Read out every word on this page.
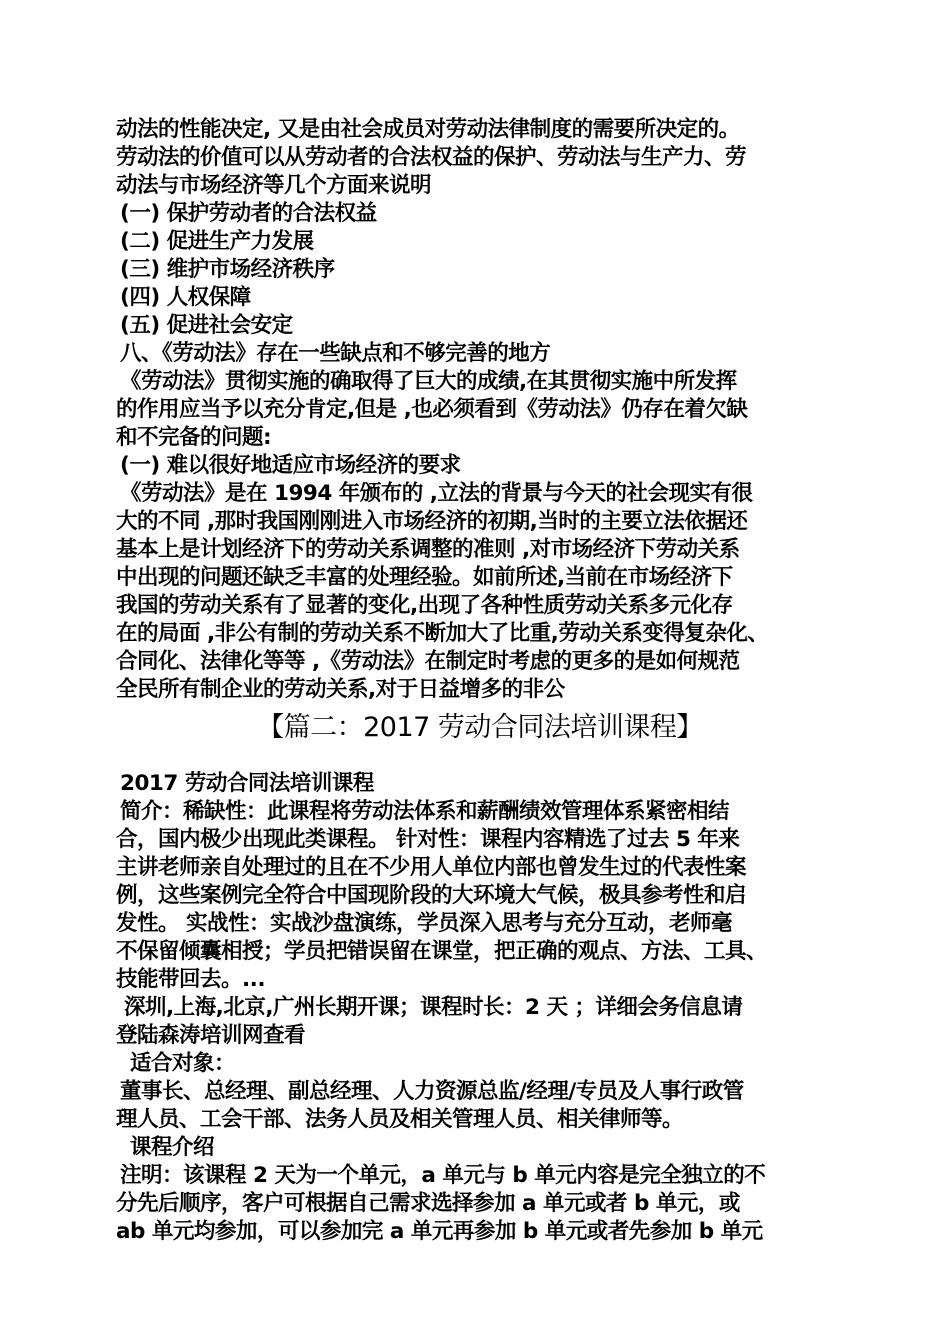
动法的性能决定, 又是由社会成员对劳动法律制度的需要所决定的。
劳动法的价值可以从劳动者的合法权益的保护、劳动法与生产力、劳
动法与市场经济等几个方面来说明
(一) 保护劳动者的合法权益
(二) 促进生产力发展
(三) 维护市场经济秩序
(四) 人权保障
(五) 促进社会安定
八、《劳动法》存在一些缺点和不够完善的地方
《劳动法》贯彻实施的确取得了巨大的成绩,在其贯彻实施中所发挥
的作用应当予以充分肯定,但是 ,也必须看到《劳动法》仍存在着欠缺
和不完备的问题:
(一) 难以很好地适应市场经济的要求
《劳动法》是在 1994 年颁布的 ,立法的背景与今天的社会现实有很
大的不同 ,那时我国刚刚进入市场经济的初期,当时的主要立法依据还
基本上是计划经济下的劳动关系调整的准则 ,对市场经济下劳动关系
中出现的问题还缺乏丰富的处理经验。如前所述,当前在市场经济下
我国的劳动关系有了显著的变化,出现了各种性质劳动关系多元化存
在的局面 ,非公有制的劳动关系不断加大了比重,劳动关系变得复杂化、
合同化、法律化等等 ,《劳动法》在制定时考虑的更多的是如何规范
全民所有制企业的劳动关系,对于日益增多的非公
【篇二：2017 劳动合同法培训课程】
2017 劳动合同法培训课程
简介：稀缺性：此课程将劳动法体系和薪酬绩效管理体系紧密相结
合，国内极少出现此类课程。 针对性：课程内容精选了过去 5 年来
主讲老师亲自处理过的且在不少用人单位内部也曾发生过的代表性案
例，这些案例完全符合中国现阶段的大环境大气候，极具参考性和启
发性。 实战性：实战沙盘演练，学员深入思考与充分互动，老师毫
不保留倾囊相授；学员把错误留在课堂，把正确的观点、方法、工具、
技能带回去。...
深圳,上海,北京,广州长期开课；课程时长：2 天 ；详细会务信息请
登陆森涛培训网查看
适合对象：
董事长、总经理、副总经理、人力资源总监/经理/专员及人事行政管
理人员、工会干部、法务人员及相关管理人员、相关律师等。
课程介绍
注明：该课程 2 天为一个单元，a 单元与 b 单元内容是完全独立的不
分先后顺序，客户可根据自己需求选择参加 a 单元或者 b 单元，或
ab 单元均参加，可以参加完 a 单元再参加 b 单元或者先参加 b 单元
